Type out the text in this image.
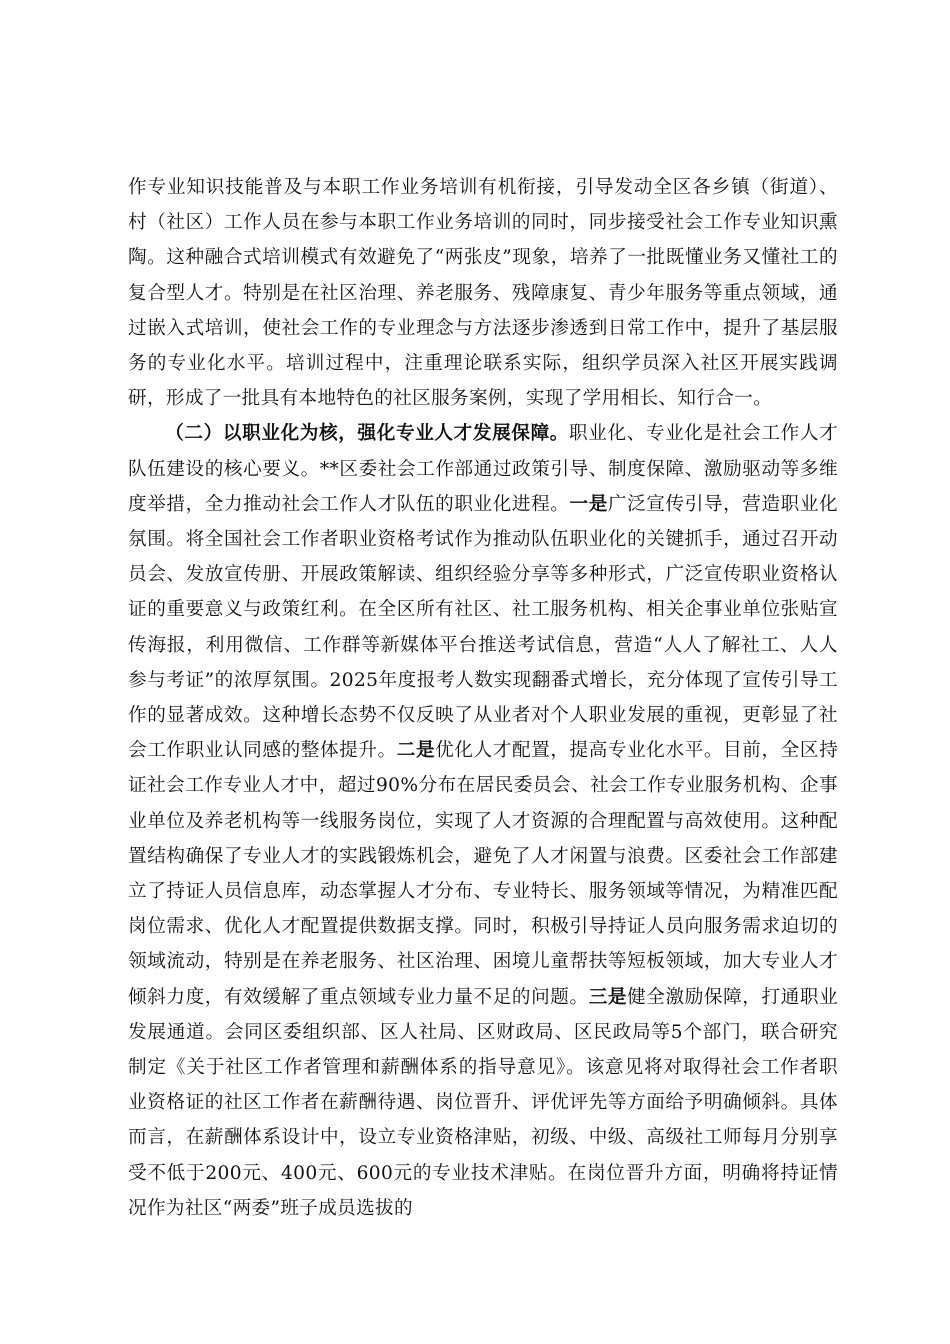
作专业知识技能普及与本职工作业务培训有机衔接，引导发动全区各乡镇（街道）、村（社区）工作人员在参与本职工作业务培训的同时，同步接受社会工作专业知识熏陶。这种融合式培训模式有效避免了“两张皮”现象，培养了一批既懂业务又懂社工的复合型人才。特别是在社区治理、养老服务、残障康复、青少年服务等重点领域，通过嵌入式培训，使社会工作的专业理念与方法逐步渗透到日常工作中，提升了基层服务的专业化水平。培训过程中，注重理论联系实际，组织学员深入社区开展实践调研，形成了一批具有本地特色的社区服务案例，实现了学用相长、知行合一。

（二）以职业化为核，强化专业人才发展保障。职业化、专业化是社会工作人才队伍建设的核心要义。**区委社会工作部通过政策引导、制度保障、激励驱动等多维度举措，全力推动社会工作人才队伍的职业化进程。一是广泛宣传引导，营造职业化氛围。将全国社会工作者职业资格考试作为推动队伍职业化的关键抓手，通过召开动员会、发放宣传册、开展政策解读、组织经验分享等多种形式，广泛宣传职业资格认证的重要意义与政策红利。在全区所有社区、社工服务机构、相关企事业单位张贴宣传海报，利用微信、工作群等新媒体平台推送考试信息，营造“人人了解社工、人人参与考证”的浓厚氛围。2025年度报考人数实现翻番式增长，充分体现了宣传引导工作的显著成效。这种增长态势不仅反映了从业者对个人职业发展的重视，更彰显了社会工作职业认同感的整体提升。二是优化人才配置，提高专业化水平。目前，全区持证社会工作专业人才中，超过90%分布在居民委员会、社会工作专业服务机构、企事业单位及养老机构等一线服务岗位，实现了人才资源的合理配置与高效使用。这种配置结构确保了专业人才的实践锻炼机会，避免了人才闲置与浪费。区委社会工作部建立了持证人员信息库，动态掌握人才分布、专业特长、服务领域等情况，为精准匹配岗位需求、优化人才配置提供数据支撑。同时，积极引导持证人员向服务需求迫切的领域流动，特别是在养老服务、社区治理、困境儿童帮扶等短板领域，加大专业人才倾斜力度，有效缓解了重点领域专业力量不足的问题。三是健全激励保障，打通职业发展通道。会同区委组织部、区人社局、区财政局、区民政局等5个部门，联合研究制定《关于社区工作者管理和薪酬体系的指导意见》。该意见将对取得社会工作者职业资格证的社区工作者在薪酬待遇、岗位晋升、评优评先等方面给予明确倾斜。具体而言，在薪酬体系设计中，设立专业资格津贴，初级、中级、高级社工师每月分别享受不低于200元、400元、600元的专业技术津贴。在岗位晋升方面，明确将持证情况作为社区“两委”班子成员选拔的
